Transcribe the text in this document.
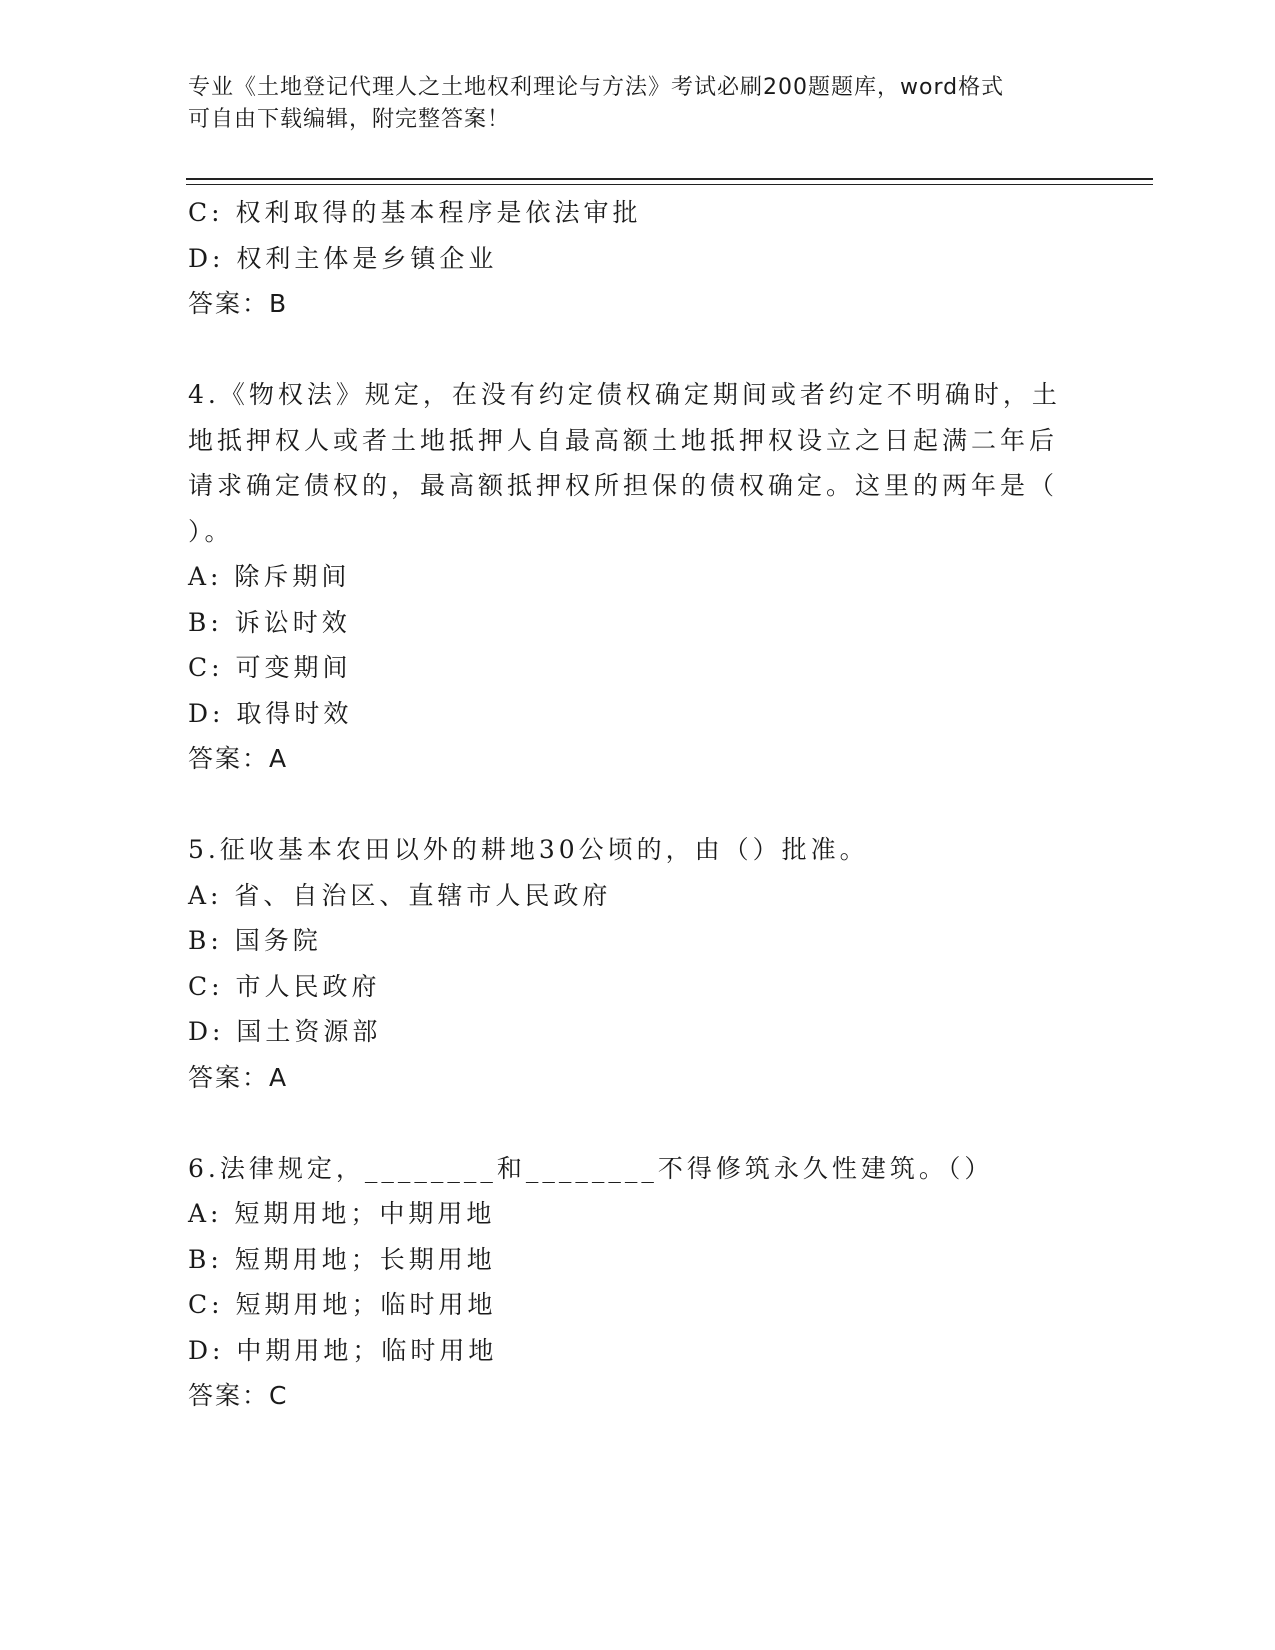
专业《土地登记代理人之土地权利理论与方法》考试必刷200题题库，word格式
可自由下载编辑，附完整答案！
C: 权利取得的基本程序是依法审批
D: 权利主体是乡镇企业
答案：B
4.《物权法》规定，在没有约定债权确定期间或者约定不明确时，土
地抵押权人或者土地抵押人自最高额土地抵押权设立之日起满二年后
请求确定债权的，最高额抵押权所担保的债权确定。这里的两年是（
）。
A: 除斥期间
B: 诉讼时效
C: 可变期间
D: 取得时效
答案：A
5.征收基本农田以外的耕地30公顷的，由（）批准。
A: 省、自治区、直辖市人民政府
B: 国务院
C: 市人民政府
D: 国土资源部
答案：A
6.法律规定，________和________不得修筑永久性建筑。（）
A: 短期用地；中期用地
B: 短期用地；长期用地
C: 短期用地；临时用地
D: 中期用地；临时用地
答案：C
